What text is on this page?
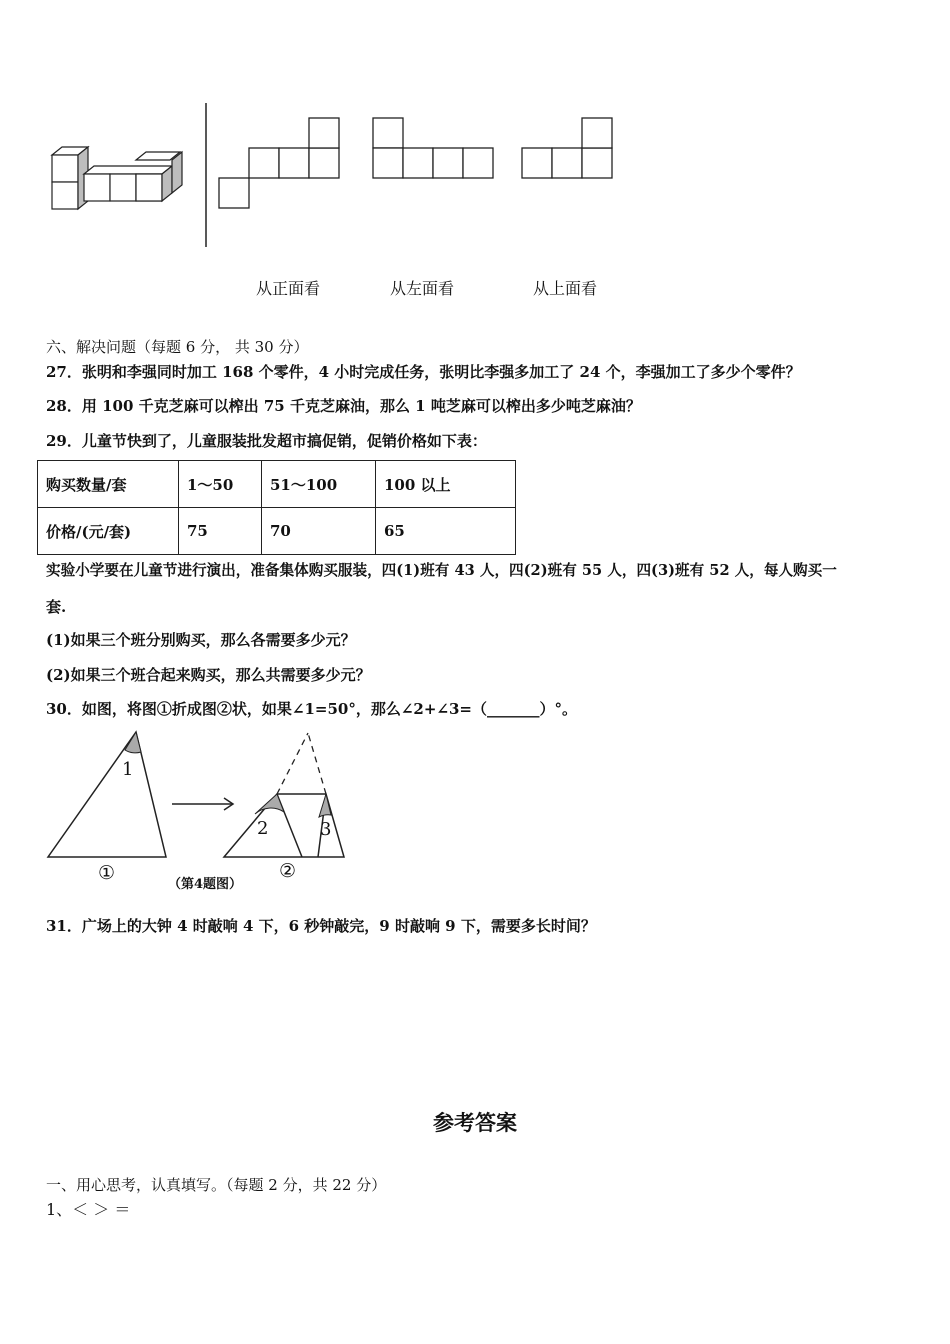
从正面看	从左面看	从上面看
六、解决问题（每题 6 分， 共 30 分）
27．张明和李强同时加工 168 个零件，4 小时完成任务，张明比李强多加工了 24 个，李强加工了多少个零件？
28．用 100 千克芝麻可以榨出 75 千克芝麻油，那么 1 吨芝麻可以榨出多少吨芝麻油？
29．儿童节快到了，儿童服装批发超市搞促销，促销价格如下表：
购买数量/套	1～50	51～100	100 以上
价格/(元/套)	75	70	65
实验小学要在儿童节进行演出，准备集体购买服装，四(1)班有 43 人，四(2)班有 55 人，四(3)班有 52 人，每人购买一
套.
(1)如果三个班分别购买，那么各需要多少元？
(2)如果三个班合起来购买，那么共需要多少元？
30．如图，将图①折成图②状，如果∠1=50°，那么∠2+∠3=（_______）°。
1
2	3
①	②
（第4题图）
31．广场上的大钟 4 时敲响 4 下，6 秒钟敲完，9 时敲响 9 下，需要多长时间？
参考答案
一、用心思考，认真填写。（每题 2 分，共 22 分）
1、＜ ＞ ＝
